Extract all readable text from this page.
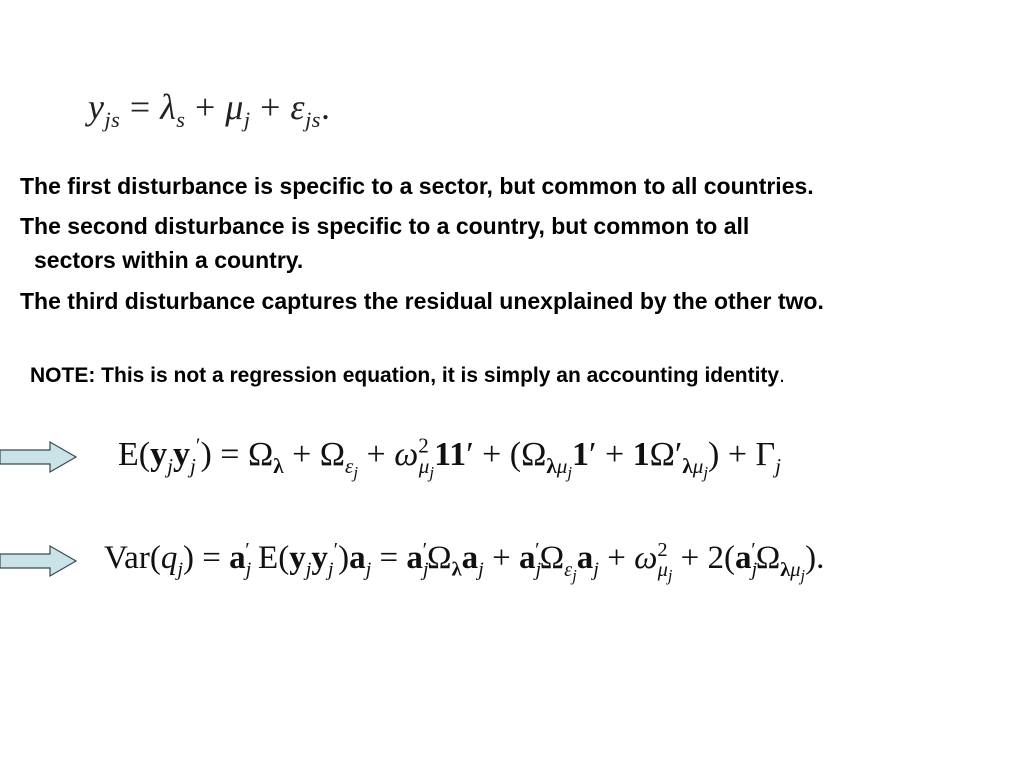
$y_{js} = \lambda_s + \mu_j + \varepsilon_{js}$.
The first disturbance is specific to a sector, but common to all countries.
The second disturbance is specific to a country, but common to all
sectors within a country.
The third disturbance captures the residual unexplained by the other two.
NOTE: This is not a regression equation, it is simply an accounting identity.
$E(y_jy_j') = \Omega_\lambda + \Omega_{\varepsilon_j} + \omega^2_{\mu_j}11' + (\Omega_{\lambda\mu_j}1' + 1\Omega'_{\lambda\mu_j}) + \Gamma_j$
$Var(q_j) = a_j'$ $E(y_jy_j')a_j = a_j'\Omega_\lambda a_j + a_j'\Omega_{\varepsilon_j}a_j + \omega^2_{\mu_j} + 2(a_j'\Omega_{\lambda\mu_j})$.
